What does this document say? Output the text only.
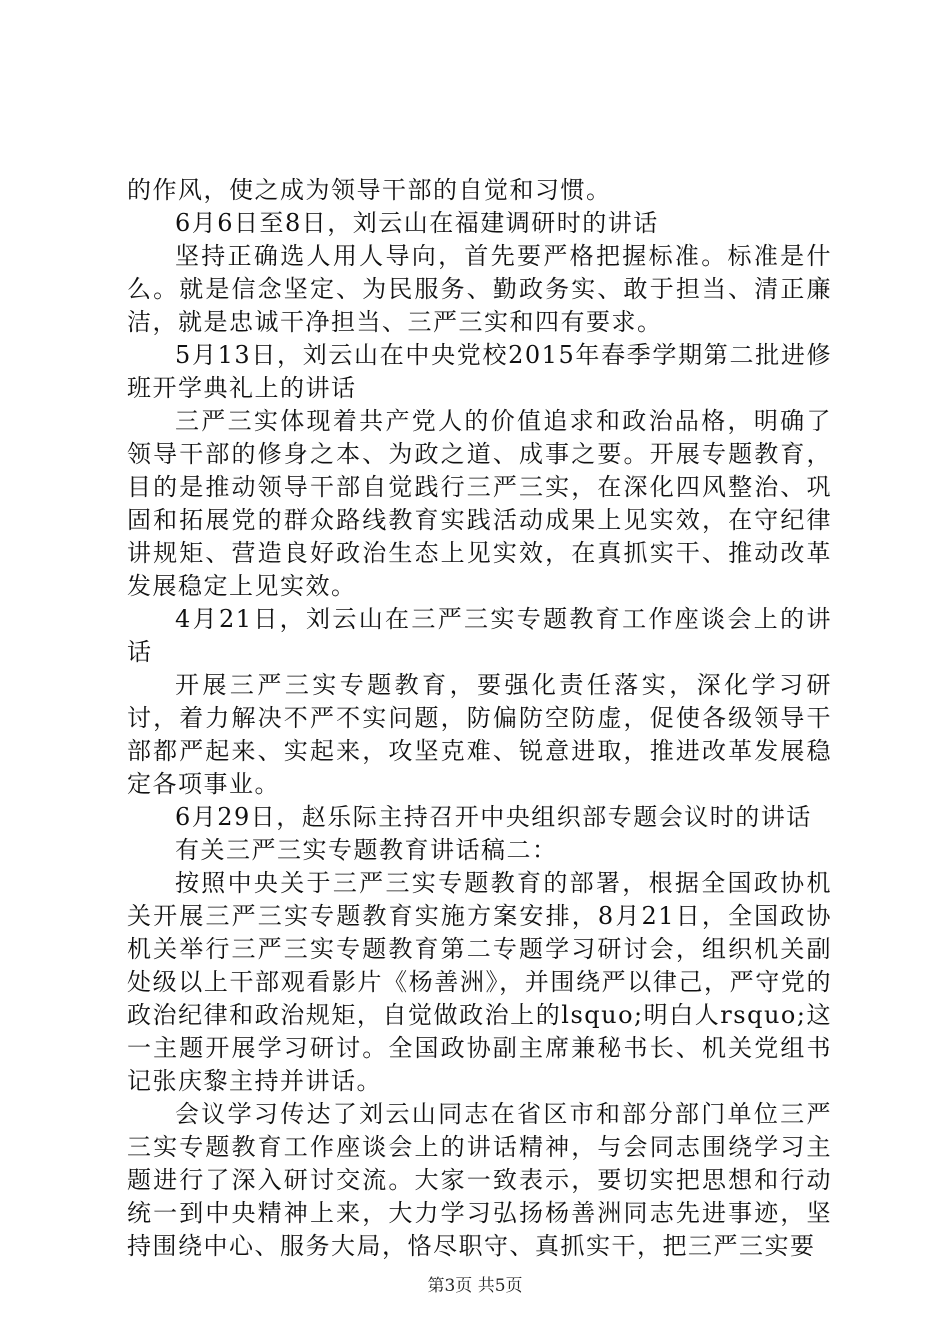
的作风，使之成为领导干部的自觉和习惯。

6月6日至8日，刘云山在福建调研时的讲话

坚持正确选人用人导向，首先要严格把握标准。标准是什么。就是信念坚定、为民服务、勤政务实、敢于担当、清正廉洁，就是忠诚干净担当、三严三实和四有要求。

5月13日，刘云山在中央党校2015年春季学期第二批进修班开学典礼上的讲话

三严三实体现着共产党人的价值追求和政治品格，明确了领导干部的修身之本、为政之道、成事之要。开展专题教育，目的是推动领导干部自觉践行三严三实，在深化四风整治、巩固和拓展党的群众路线教育实践活动成果上见实效，在守纪律讲规矩、营造良好政治生态上见实效，在真抓实干、推动改革发展稳定上见实效。

4月21日，刘云山在三严三实专题教育工作座谈会上的讲话

开展三严三实专题教育，要强化责任落实，深化学习研讨，着力解决不严不实问题，防偏防空防虚，促使各级领导干部都严起来、实起来，攻坚克难、锐意进取，推进改革发展稳定各项事业。

6月29日，赵乐际主持召开中央组织部专题会议时的讲话

有关三严三实专题教育讲话稿二：

按照中央关于三严三实专题教育的部署，根据全国政协机关开展三严三实专题教育实施方案安排，8月21日，全国政协机关举行三严三实专题教育第二专题学习研讨会，组织机关副处级以上干部观看影片《杨善洲》，并围绕严以律己，严守党的政治纪律和政治规矩，自觉做政治上的lsquo;明白人rsquo;这一主题开展学习研讨。全国政协副主席兼秘书长、机关党组书记张庆黎主持并讲话。

会议学习传达了刘云山同志在省区市和部分部门单位三严三实专题教育工作座谈会上的讲话精神，与会同志围绕学习主题进行了深入研讨交流。大家一致表示，要切实把思想和行动统一到中央精神上来，大力学习弘扬杨善洲同志先进事迹，坚持围绕中心、服务大局，恪尽职守、真抓实干，把三严三实要

第3页 共5页
